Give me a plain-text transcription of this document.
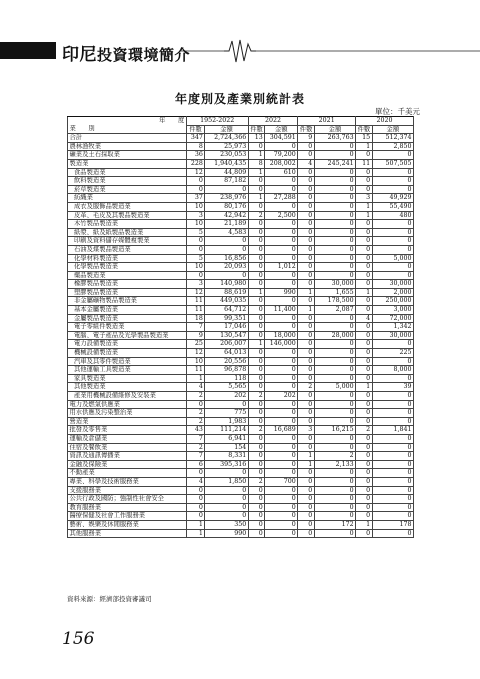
印尼投資環境簡介
年度別及產業別統計表
單位：千美元
年　　度	1952-2022		2022		2021		2020	
業　　別	件數	金額	件數	金額	件數	金額	件數	金額
合計	347	2,724,366	13	304,591	9	263,763	15	512,374
農林漁牧業	8	25,973	0	0	0	0	1	2,850
礦業及土石採取業	36	230,053	1	79,200	0	0	0	0
製造業	228	1,940,435	8	208,002	4	245,241	11	507,505
食品製造業	12	44,809	1	610	0	0	0	0
飲料製造業	0	87,182	0	0	0	0	0	0
菸草製造業	0	0	0	0	0	0	0	0
紡織業	37	238,976	1	27,288	0	0	3	49,929
成衣及服飾品製造業	10	80,176	0	0	0	0	1	55,490
皮革、毛皮及其製品製造業	3	42,942	2	2,500	0	0	1	480
木竹製品製造業	10	21,189	0	0	0	0	0	0
紙漿、紙及紙製品製造業	5	4,583	0	0	0	0	0	0
印刷及資料儲存媒體複製業	0	0	0	0	0	0	0	0
石油及煤製品製造業	0	0	0	0	0	0	0	0
化學材料製造業	5	16,856	0	0	0	0	0	5,000
化學製品製造業	10	20,093	0	1,012	0	0	0	0
藥品製造業	0	0	0	0	0	0	0	0
橡膠製品製造業	3	140,980	0	0	0	30,000	0	30,000
塑膠製品製造業	12	88,619	1	990	1	1,655	1	2,000
非金屬礦物製品製造業	11	449,035	0	0	0	178,500	0	250,000
基本金屬製造業	11	64,712	0	11,400	1	2,087	0	3,000
金屬製品製造業	18	99,351	0	0	0	0	4	72,000
電子零組件製造業	7	17,046	0	0	0	0	0	1,342
電腦、電子產品及光學製品製造業	9	130,547	0	18,000	0	28,000	0	30,000
電力設備製造業	25	206,007	1	146,000	0	0	0	0
機械設備製造業	12	64,013	0	0	0	0	0	225
汽車及其零件製造業	10	20,556	0	0	0	0	0	0
其他運輸工具製造業	11	96,878	0	0	0	0	0	8,000
家具製造業	1	118	0	0	0	0	0	0
其他製造業	4	5,565	0	0	2	5,000	1	39
產業用機械設備維修及安裝業	2	202	2	202	0	0	0	0
電力及燃氣供應業	0	0	0	0	0	0	0	0
用水供應及污染整治業	2	775	0	0	0	0	0	0
營造業	2	1,983	0	0	0	0	0	0
批發及零售業	43	111,214	2	16,689	3	16,215	2	1,841
運輸及倉儲業	7	6,941	0	0	0	0	0	0
住宿及餐飲業	2	154	0	0	0	0	0	0
資訊及通訊傳播業	7	8,331	0	0	1	2	0	0
金融及保險業	6	395,316	0	0	1	2,133	0	0
不動產業	0	0	0	0	0	0	0	0
專業、科學及技術服務業	4	1,850	2	700	0	0	0	0
支援服務業	0	0	0	0	0	0	0	0
公共行政及國防；強制性社會安全	0	0	0	0	0	0	0	0
教育服務業	0	0	0	0	0	0	0	0
醫療保健及社會工作服務業	0	0	0	0	0	0	0	0
藝術、娛樂及休閒服務業	1	350	0	0	0	172	1	178
其他服務業	1	990	0	0	0	0	0	0
資料來源：經濟部投資審議司
156
